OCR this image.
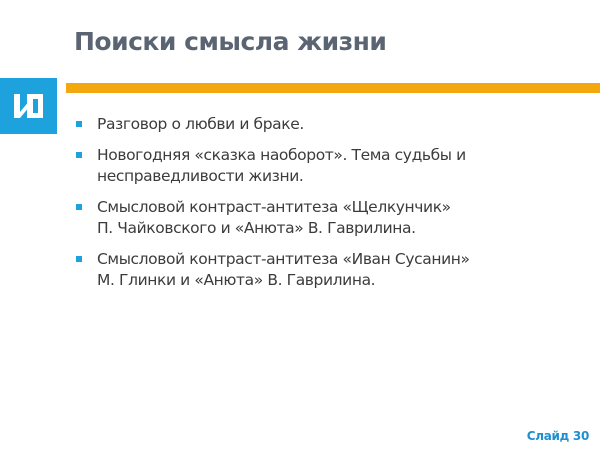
Поиски смысла жизни
Разговор о любви и браке.
Новогодняя «сказка наоборот». Тема судьбы и
несправедливости жизни.
Смысловой контраст-антитеза «Щелкунчик»
П. Чайковского и «Анюта» В. Гаврилина.
Смысловой контраст-антитеза «Иван Сусанин»
М. Глинки и «Анюта» В. Гаврилина.
Слайд 30
